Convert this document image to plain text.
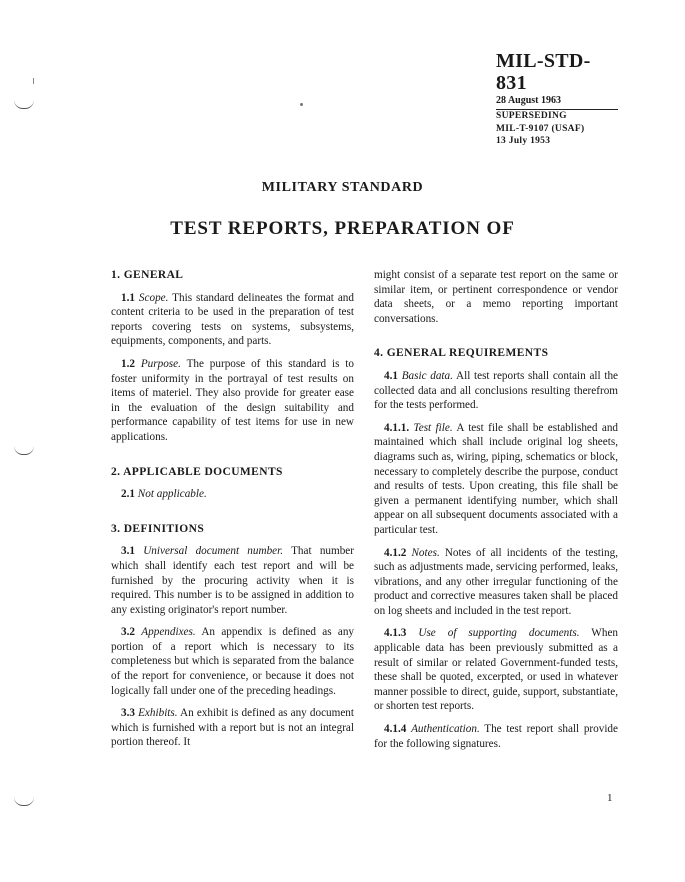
MIL-STD-831
28 August 1963
SUPERSEDING
MIL-T-9107 (USAF)
13 July 1953
MILITARY STANDARD
TEST REPORTS, PREPARATION OF
1. GENERAL

1.1 Scope. This standard delineates the format and content criteria to be used in the preparation of test reports covering tests on systems, subsystems, equipments, components, and parts.

1.2 Purpose. The purpose of this standard is to foster uniformity in the portrayal of test results on items of materiel. They also provide for greater ease in the evaluation of the design suitability and performance capability of test items for use in new applications.

2. APPLICABLE DOCUMENTS

2.1 Not applicable.

3. DEFINITIONS

3.1 Universal document number. That number which shall identify each test report and will be furnished by the procuring activity when it is required. This number is to be assigned in addition to any existing originator's report number.

3.2 Appendixes. An appendix is defined as any portion of a report which is necessary to its completeness but which is separated from the balance of the report for convenience, or because it does not logically fall under one of the preceding headings.

3.3 Exhibits. An exhibit is defined as any document which is furnished with a report but is not an integral portion thereof. It

might consist of a separate test report on the same or similar item, or pertinent correspondence or vendor data sheets, or a memo reporting important conversations.

4. GENERAL REQUIREMENTS

4.1 Basic data. All test reports shall contain all the collected data and all conclusions resulting therefrom for the tests performed.

4.1.1. Test file. A test file shall be established and maintained which shall include original log sheets, diagrams such as, wiring, piping, schematics or block, necessary to completely describe the purpose, conduct and results of tests. Upon creating, this file shall be given a permanent identifying number, which shall appear on all subsequent documents associated with a particular test.

4.1.2 Notes. Notes of all incidents of the testing, such as adjustments made, servicing performed, leaks, vibrations, and any other irregular functioning of the product and corrective measures taken shall be placed on log sheets and included in the test report.

4.1.3 Use of supporting documents. When applicable data has been previously submitted as a result of similar or related Government-funded tests, these shall be quoted, excerpted, or used in whatever manner possible to direct, guide, support, substantiate, or shorten test reports.

4.1.4 Authentication. The test report shall provide for the following signatures.

1
